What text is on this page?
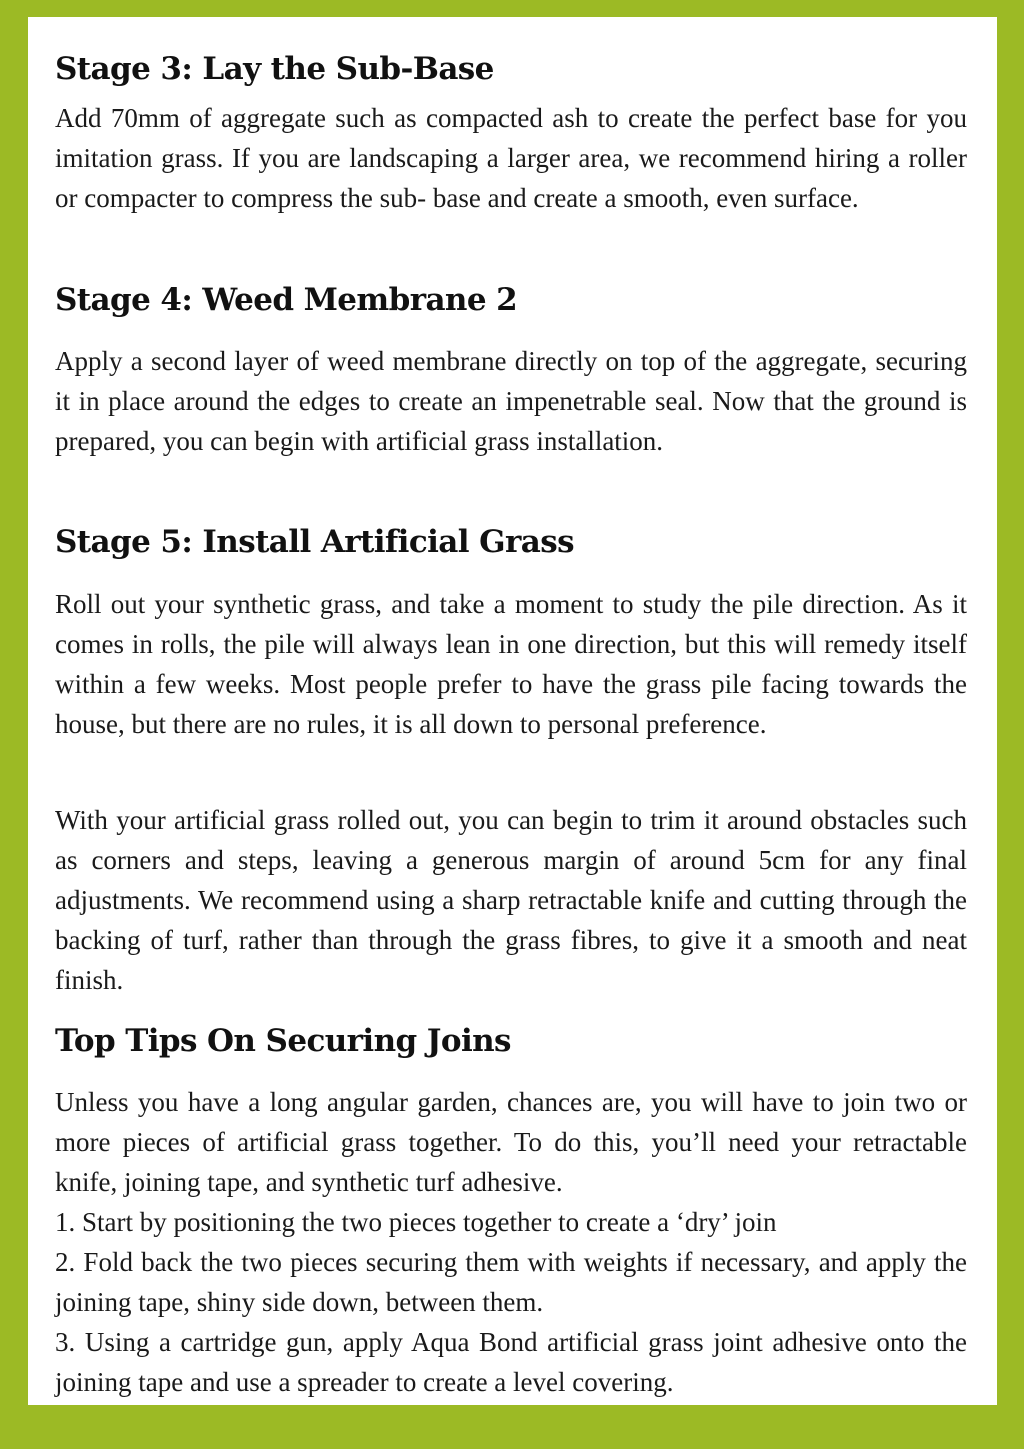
Stage 3: Lay the Sub-Base

Add 70mm of aggregate such as compacted ash to create the perfect base for you imitation grass. If you are landscaping a larger area, we recommend hiring a roller or compacter to compress the sub- base and create a smooth, even surface.

Stage 4: Weed Membrane 2

Apply a second layer of weed membrane directly on top of the aggregate, securing it in place around the edges to create an impenetrable seal. Now that the ground is prepared, you can begin with artificial grass installation.

Stage 5: Install Artificial Grass

Roll out your synthetic grass, and take a moment to study the pile direction. As it comes in rolls, the pile will always lean in one direction, but this will remedy itself within a few weeks. Most people prefer to have the grass pile facing towards the house, but there are no rules, it is all down to personal preference.

With your artificial grass rolled out, you can begin to trim it around obstacles such as corners and steps, leaving a generous margin of around 5cm for any final adjustments. We recommend using a sharp retractable knife and cutting through the backing of turf, rather than through the grass fibres, to give it a smooth and neat finish.

Top Tips On Securing Joins

Unless you have a long angular garden, chances are, you will have to join two or more pieces of artificial grass together. To do this, you’ll need your retractable knife, joining tape, and synthetic turf adhesive.

1. Start by positioning the two pieces together to create a ‘dry’ join

2. Fold back the two pieces securing them with weights if necessary, and apply the joining tape, shiny side down, between them.

3. Using a cartridge gun, apply Aqua Bond artificial grass joint adhesive onto the joining tape and use a spreader to create a level covering.
